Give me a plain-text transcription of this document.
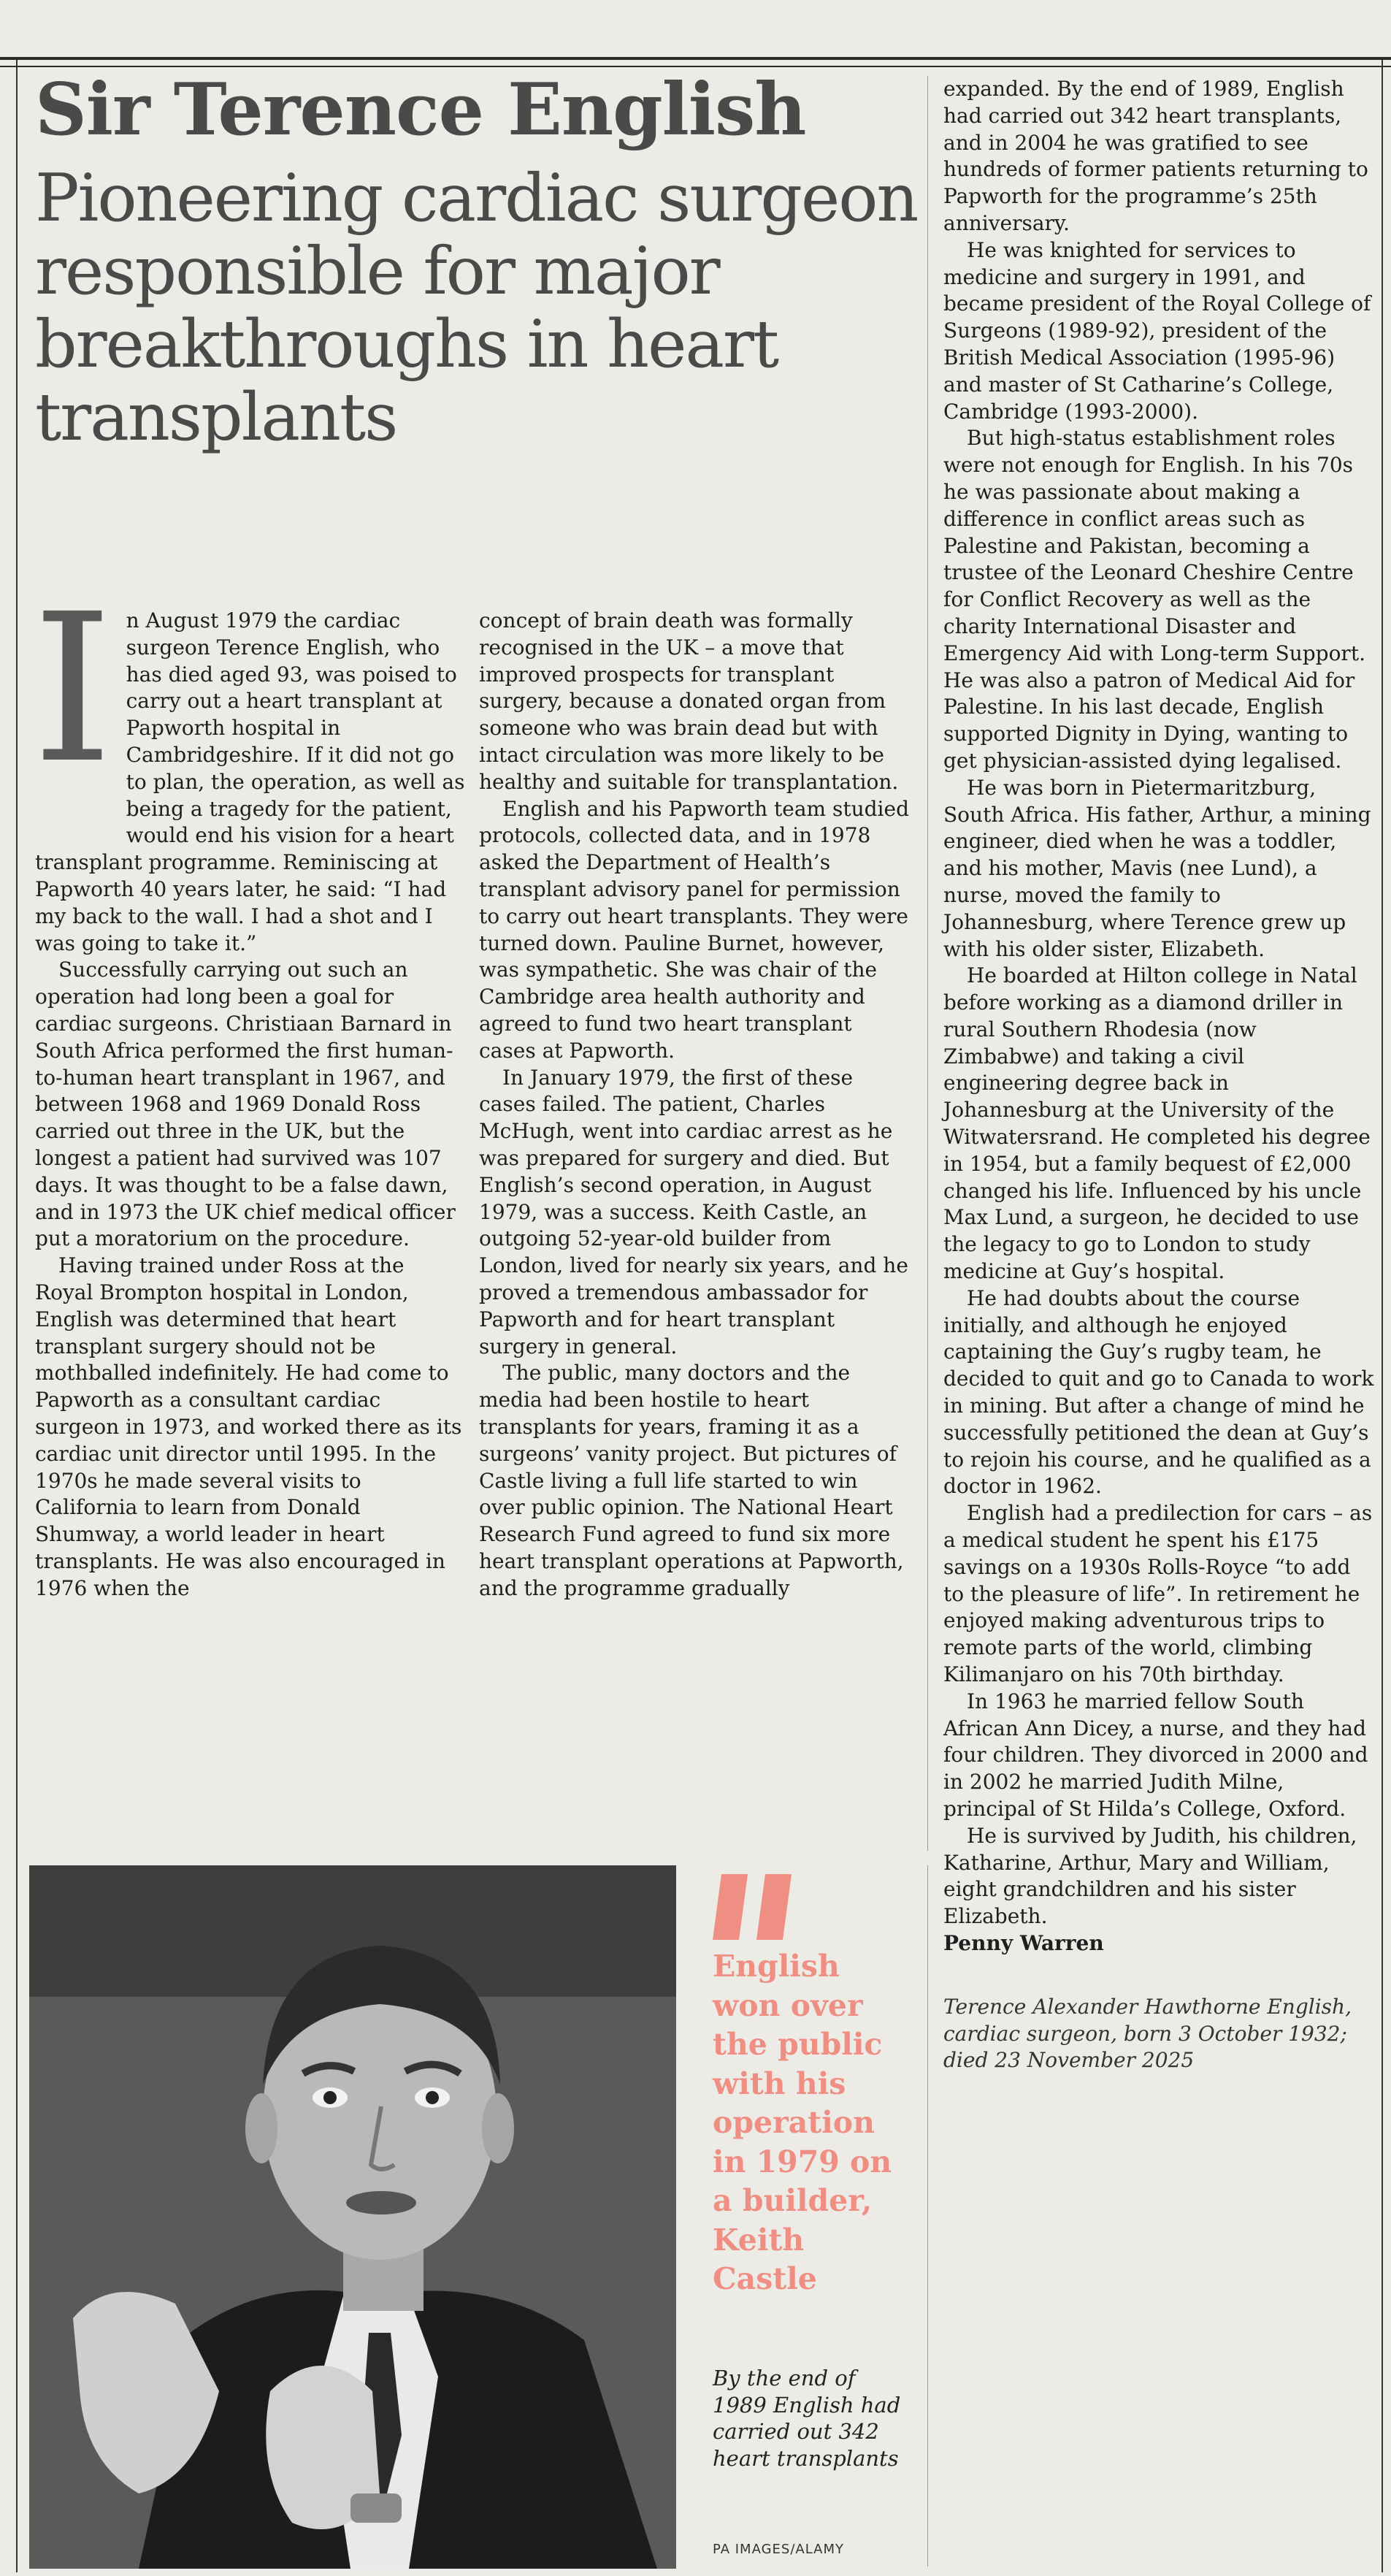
Sir Terence English
Pioneering cardiac surgeon responsible for major breakthroughs in heart transplants

In August 1979 the cardiac surgeon Terence English, who has died aged 93, was poised to carry out a heart transplant at Papworth hospital in Cambridgeshire. If it did not go to plan, the operation, as well as being a tragedy for the patient, would end his vision for a heart transplant programme. Reminiscing at Papworth 40 years later, he said: “I had my back to the wall. I had a shot and I was going to take it.”

Successfully carrying out such an operation had long been a goal for cardiac surgeons. Christiaan Barnard in South Africa performed the first human-to-human heart transplant in 1967, and between 1968 and 1969 Donald Ross carried out three in the UK, but the longest a patient had survived was 107 days. It was thought to be a false dawn, and in 1973 the UK chief medical officer put a moratorium on the procedure.

Having trained under Ross at the Royal Brompton hospital in London, English was determined that heart transplant surgery should not be mothballed indefinitely. He had come to Papworth as a consultant cardiac surgeon in 1973, and worked there as its cardiac unit director until 1995. In the 1970s he made several visits to California to learn from Donald Shumway, a world leader in heart transplants. He was also encouraged in 1976 when the

concept of brain death was formally recognised in the UK – a move that improved prospects for transplant surgery, because a donated organ from someone who was brain dead but with intact circulation was more likely to be healthy and suitable for transplantation.

English and his Papworth team studied protocols, collected data, and in 1978 asked the Department of Health’s transplant advisory panel for permission to carry out heart transplants. They were turned down. Pauline Burnet, however, was sympathetic. She was chair of the Cambridge area health authority and agreed to fund two heart transplant cases at Papworth.

In January 1979, the first of these cases failed. The patient, Charles McHugh, went into cardiac arrest as he was prepared for surgery and died. But English’s second operation, in August 1979, was a success. Keith Castle, an outgoing 52-year-old builder from London, lived for nearly six years, and he proved a tremendous ambassador for Papworth and for heart transplant surgery in general.

The public, many doctors and the media had been hostile to heart transplants for years, framing it as a surgeons’ vanity project. But pictures of Castle living a full life started to win over public opinion. The National Heart Research Fund agreed to fund six more heart transplant operations at Papworth, and the programme gradually

expanded. By the end of 1989, English had carried out 342 heart transplants, and in 2004 he was gratified to see hundreds of former patients returning to Papworth for the programme’s 25th anniversary.

He was knighted for services to medicine and surgery in 1991, and became president of the Royal College of Surgeons (1989-92), president of the British Medical Association (1995-96) and master of St Catharine’s College, Cambridge (1993-2000).

But high-status establishment roles were not enough for English. In his 70s he was passionate about making a difference in conflict areas such as Palestine and Pakistan, becoming a trustee of the Leonard Cheshire Centre for Conflict Recovery as well as the charity International Disaster and Emergency Aid with Long-term Support. He was also a patron of Medical Aid for Palestine. In his last decade, English supported Dignity in Dying, wanting to get physician-assisted dying legalised.

He was born in Pietermaritzburg, South Africa. His father, Arthur, a mining engineer, died when he was a toddler, and his mother, Mavis (nee Lund), a nurse, moved the family to Johannesburg, where Terence grew up with his older sister, Elizabeth.

He boarded at Hilton college in Natal before working as a diamond driller in rural Southern Rhodesia (now Zimbabwe) and taking a civil engineering degree back in Johannesburg at the University of the Witwatersrand. He completed his degree in 1954, but a family bequest of £2,000 changed his life. Influenced by his uncle Max Lund, a surgeon, he decided to use the legacy to go to London to study medicine at Guy’s hospital.

He had doubts about the course initially, and although he enjoyed captaining the Guy’s rugby team, he decided to quit and go to Canada to work in mining. But after a change of mind he successfully petitioned the dean at Guy’s to rejoin his course, and he qualified as a doctor in 1962.

English had a predilection for cars – as a medical student he spent his £175 savings on a 1930s Rolls-Royce “to add to the pleasure of life”. In retirement he enjoyed making adventurous trips to remote parts of the world, climbing Kilimanjaro on his 70th birthday.

In 1963 he married fellow South African Ann Dicey, a nurse, and they had four children. They divorced in 2000 and in 2002 he married Judith Milne, principal of St Hilda’s College, Oxford.

He is survived by Judith, his children, Katharine, Arthur, Mary and William, eight grandchildren and his sister Elizabeth.

Penny Warren

Terence Alexander Hawthorne English, cardiac surgeon, born 3 October 1932; died 23 November 2025

English won over the public with his operation in 1979 on a builder, Keith Castle

By the end of 1989 English had carried out 342 heart transplants
PA IMAGES/ALAMY
